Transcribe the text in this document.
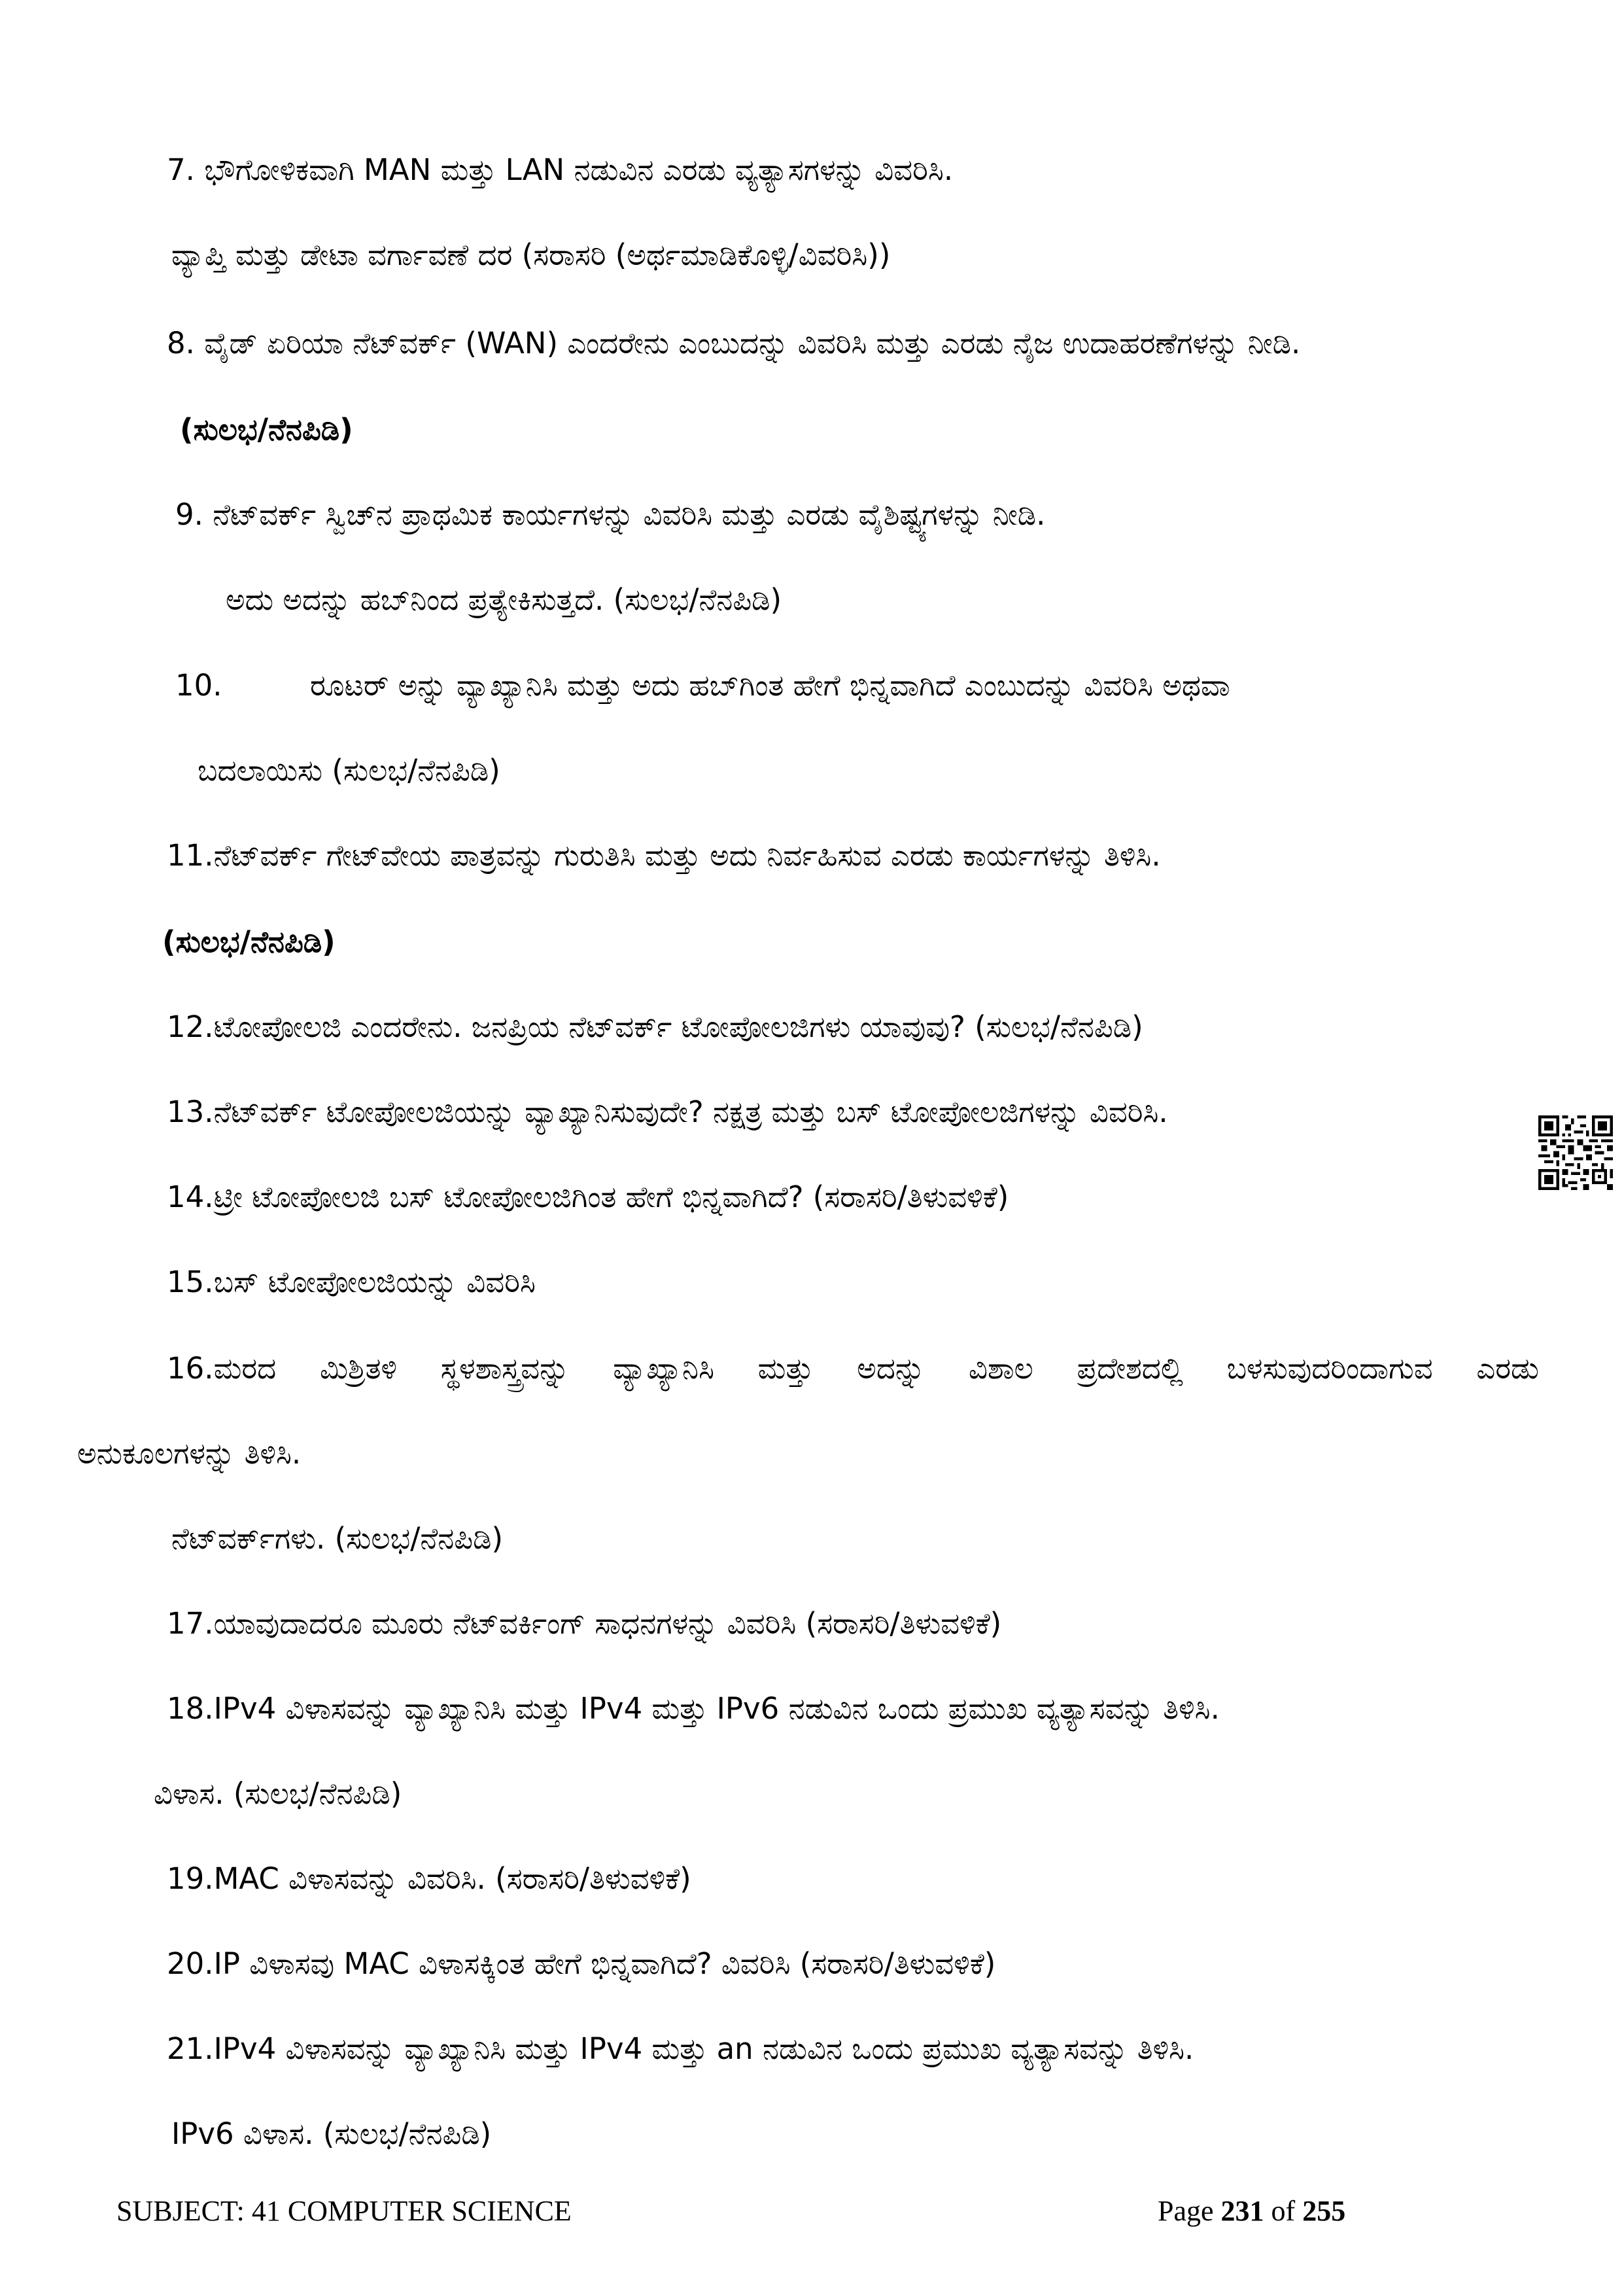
7. ಭೌಗೋಳಿಕವಾಗಿ MAN ಮತ್ತು LAN ನಡುವಿನ ಎರಡು ವ್ಯತ್ಯಾಸಗಳನ್ನು ವಿವರಿಸಿ.
ವ್ಯಾಪ್ತಿ ಮತ್ತು ಡೇಟಾ ವರ್ಗಾವಣೆ ದರ (ಸರಾಸರಿ (ಅರ್ಥಮಾಡಿಕೊಳ್ಳಿ/ವಿವರಿಸಿ))
8. ವೈಡ್ ಏರಿಯಾ ನೆಟ್‌ವರ್ಕ್ (WAN) ಎಂದರೇನು ಎಂಬುದನ್ನು ವಿವರಿಸಿ ಮತ್ತು ಎರಡು ನೈಜ ಉದಾಹರಣೆಗಳನ್ನು ನೀಡಿ.
(ಸುಲಭ/ನೆನಪಿಡಿ)
9. ನೆಟ್‌ವರ್ಕ್ ಸ್ವಿಚ್‌ನ ಪ್ರಾಥಮಿಕ ಕಾರ್ಯಗಳನ್ನು ವಿವರಿಸಿ ಮತ್ತು ಎರಡು ವೈಶಿಷ್ಟ್ಯಗಳನ್ನು ನೀಡಿ.
ಅದು ಅದನ್ನು ಹಬ್‌ನಿಂದ ಪ್ರತ್ಯೇಕಿಸುತ್ತದೆ. (ಸುಲಭ/ನೆನಪಿಡಿ)
10.	ರೂಟರ್ ಅನ್ನು ವ್ಯಾಖ್ಯಾನಿಸಿ ಮತ್ತು ಅದು ಹಬ್‌ಗಿಂತ ಹೇಗೆ ಭಿನ್ನವಾಗಿದೆ ಎಂಬುದನ್ನು ವಿವರಿಸಿ ಅಥವಾ
ಬದಲಾಯಿಸು (ಸುಲಭ/ನೆನಪಿಡಿ)
11.ನೆಟ್‌ವರ್ಕ್ ಗೇಟ್‌ವೇಯ ಪಾತ್ರವನ್ನು ಗುರುತಿಸಿ ಮತ್ತು ಅದು ನಿರ್ವಹಿಸುವ ಎರಡು ಕಾರ್ಯಗಳನ್ನು ತಿಳಿಸಿ.
(ಸುಲಭ/ನೆನಪಿಡಿ)
12.ಟೋಪೋಲಜಿ ಎಂದರೇನು. ಜನಪ್ರಿಯ ನೆಟ್‌ವರ್ಕ್ ಟೋಪೋಲಜಿಗಳು ಯಾವುವು? (ಸುಲಭ/ನೆನಪಿಡಿ)
13.ನೆಟ್‌ವರ್ಕ್ ಟೋಪೋಲಜಿಯನ್ನು ವ್ಯಾಖ್ಯಾನಿಸುವುದೇ? ನಕ್ಷತ್ರ ಮತ್ತು ಬಸ್ ಟೋಪೋಲಜಿಗಳನ್ನು ವಿವರಿಸಿ.
14.ಟ್ರೀ ಟೋಪೋಲಜಿ ಬಸ್ ಟೋಪೋಲಜಿಗಿಂತ ಹೇಗೆ ಭಿನ್ನವಾಗಿದೆ? (ಸರಾಸರಿ/ತಿಳುವಳಿಕೆ)
15.ಬಸ್ ಟೋಪೋಲಜಿಯನ್ನು ವಿವರಿಸಿ
16.ಮರದ ಮಿಶ್ರಿತಳಿ ಸ್ಥಳಶಾಸ್ತ್ರವನ್ನು ವ್ಯಾಖ್ಯಾನಿಸಿ ಮತ್ತು ಅದನ್ನು ವಿಶಾಲ ಪ್ರದೇಶದಲ್ಲಿ ಬಳಸುವುದರಿಂದಾಗುವ ಎರಡು
ಅನುಕೂಲಗಳನ್ನು ತಿಳಿಸಿ.
ನೆಟ್‌ವರ್ಕ್‌ಗಳು. (ಸುಲಭ/ನೆನಪಿಡಿ)
17.ಯಾವುದಾದರೂ ಮೂರು ನೆಟ್‌ವರ್ಕಿಂಗ್ ಸಾಧನಗಳನ್ನು ವಿವರಿಸಿ (ಸರಾಸರಿ/ತಿಳುವಳಿಕೆ)
18.IPv4 ವಿಳಾಸವನ್ನು ವ್ಯಾಖ್ಯಾನಿಸಿ ಮತ್ತು IPv4 ಮತ್ತು IPv6 ನಡುವಿನ ಒಂದು ಪ್ರಮುಖ ವ್ಯತ್ಯಾಸವನ್ನು ತಿಳಿಸಿ.
ವಿಳಾಸ. (ಸುಲಭ/ನೆನಪಿಡಿ)
19.MAC ವಿಳಾಸವನ್ನು ವಿವರಿಸಿ. (ಸರಾಸರಿ/ತಿಳುವಳಿಕೆ)
20.IP ವಿಳಾಸವು MAC ವಿಳಾಸಕ್ಕಿಂತ ಹೇಗೆ ಭಿನ್ನವಾಗಿದೆ? ವಿವರಿಸಿ (ಸರಾಸರಿ/ತಿಳುವಳಿಕೆ)
21.IPv4 ವಿಳಾಸವನ್ನು ವ್ಯಾಖ್ಯಾನಿಸಿ ಮತ್ತು IPv4 ಮತ್ತು an ನಡುವಿನ ಒಂದು ಪ್ರಮುಖ ವ್ಯತ್ಯಾಸವನ್ನು ತಿಳಿಸಿ.
IPv6 ವಿಳಾಸ. (ಸುಲಭ/ನೆನಪಿಡಿ)
SUBJECT: 41 COMPUTER SCIENCE	Page 231 of 255
